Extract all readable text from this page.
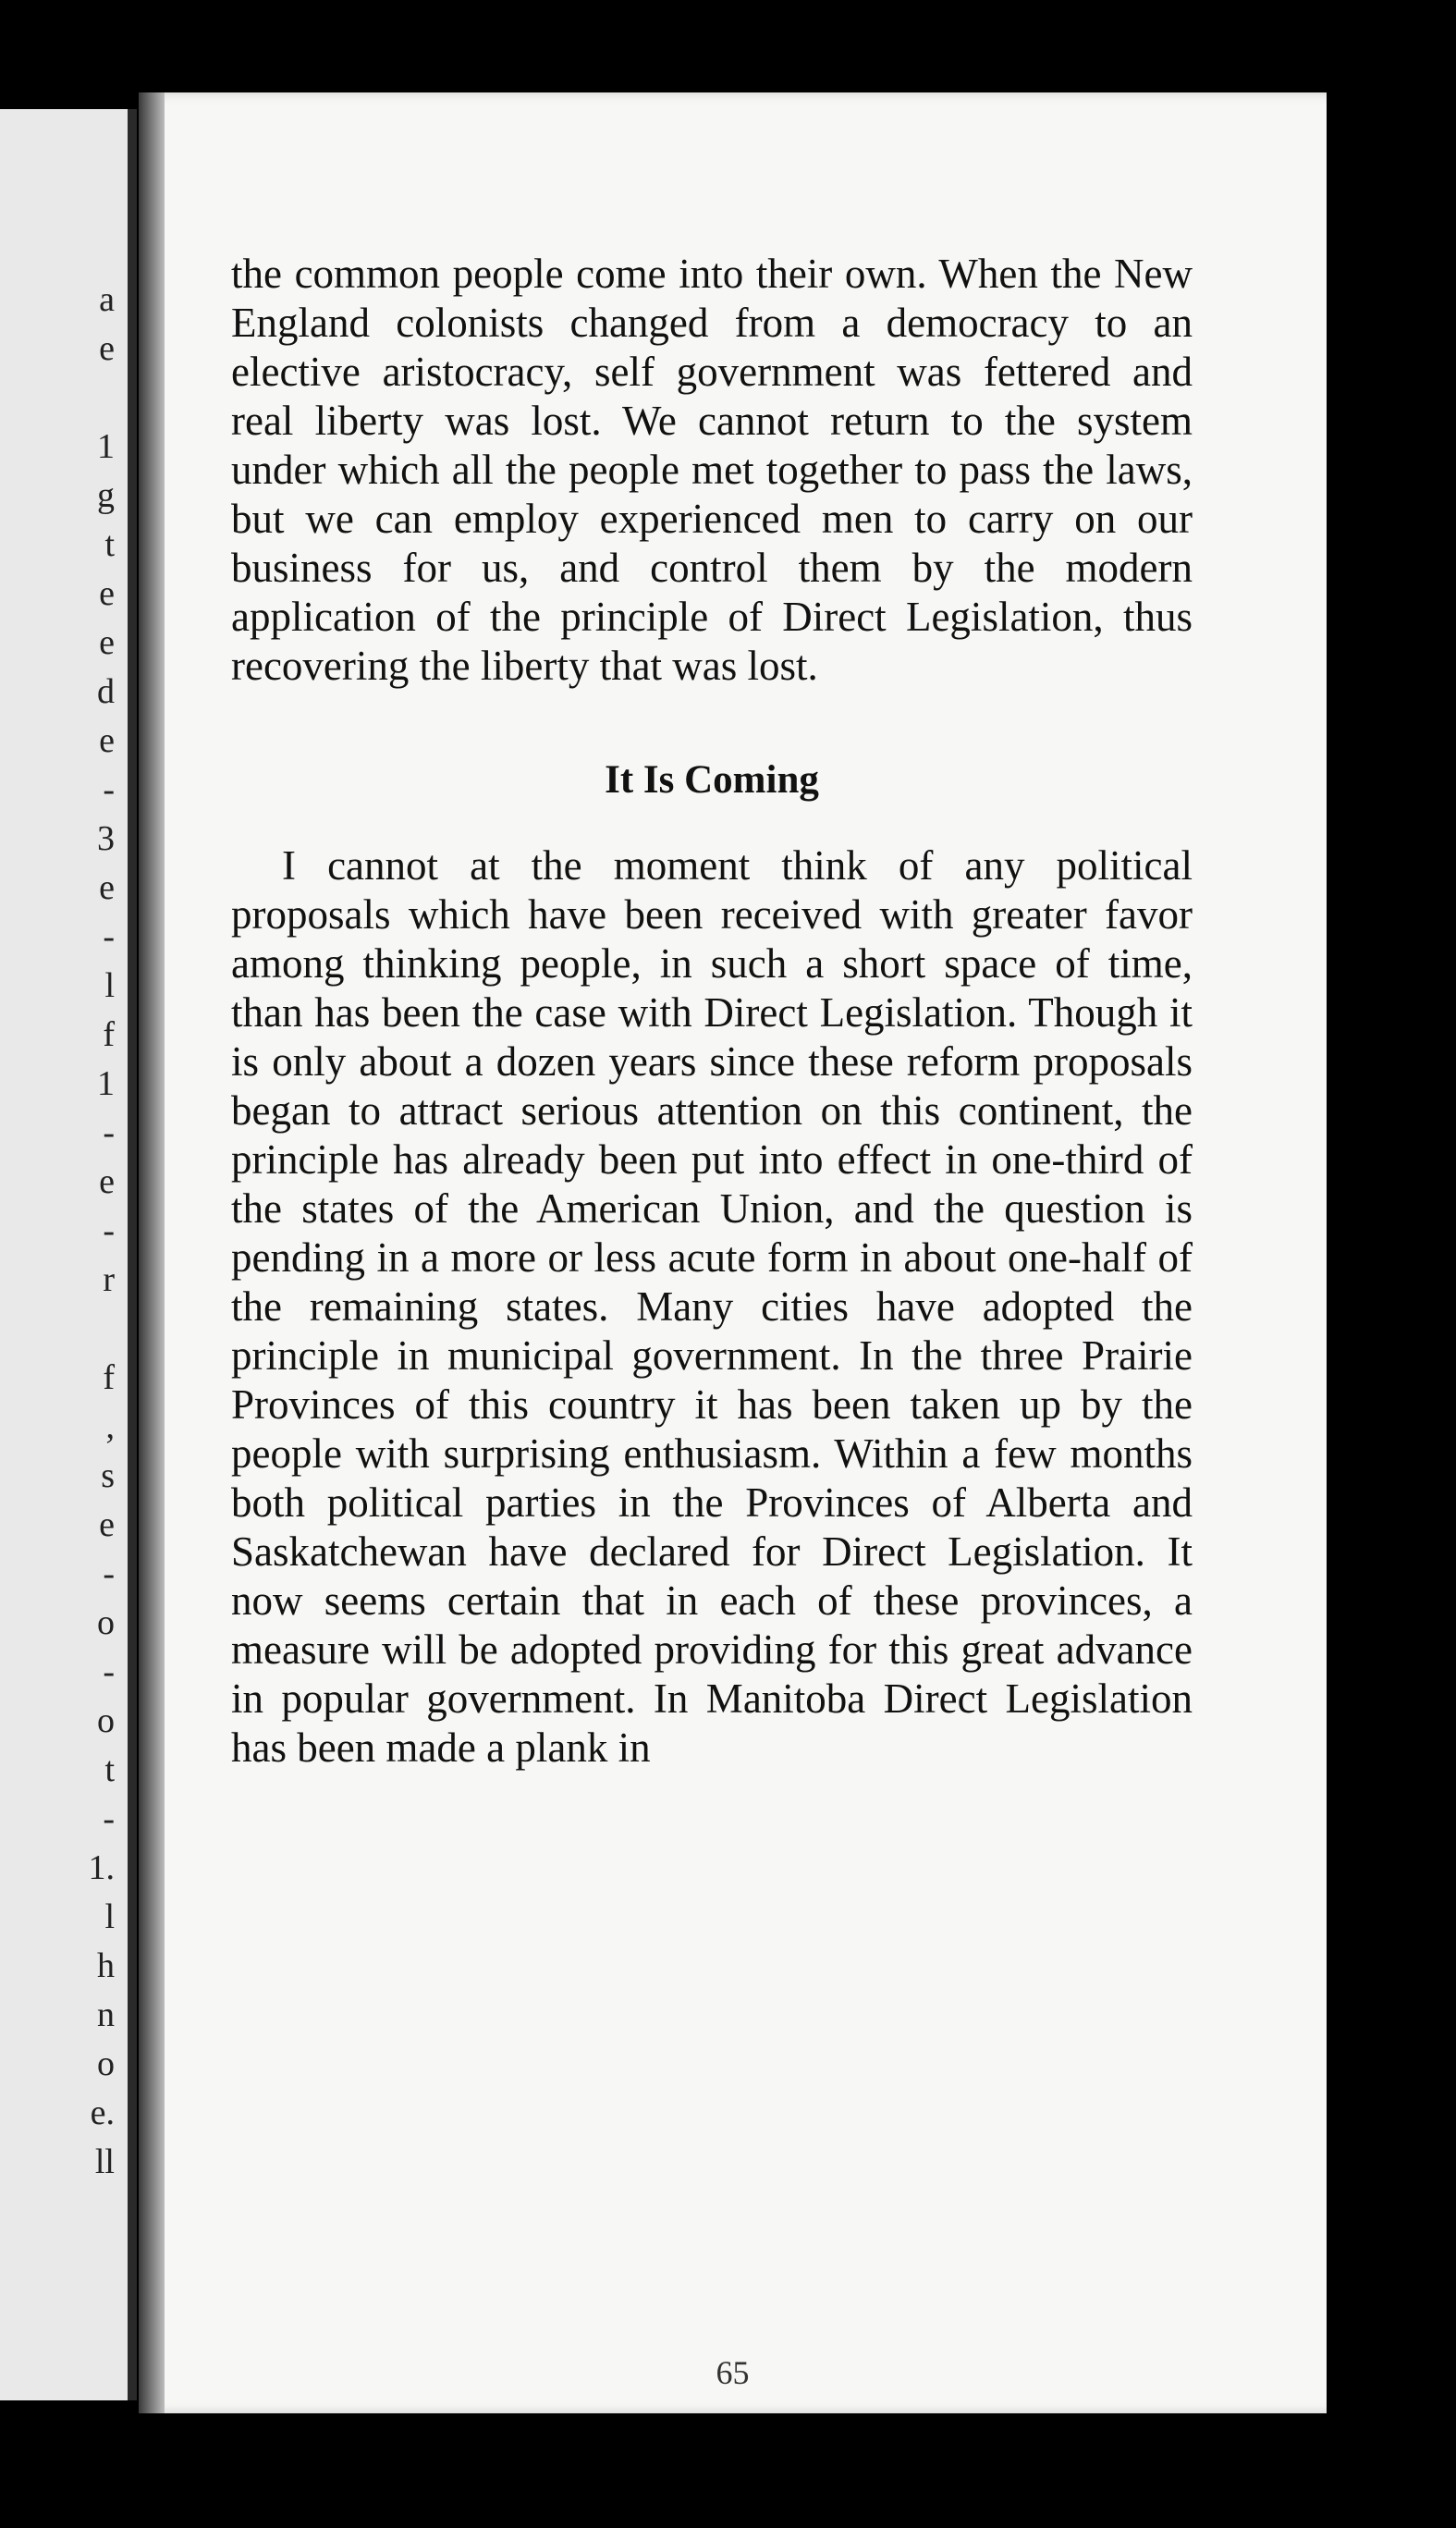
a
e

1
g
t
e
e
d
e
-
3
e
-
l
f
1
-
e
-
r

f
,
s
e
-
o
-
o
t
-
1.
l
h
n
o
e.
ll

the common people come into their own. When the New England colonists changed from a democracy to an elective aristocracy, self government was fettered and real liberty was lost. We cannot return to the system under which all the people met together to pass the laws, but we can employ experienced men to carry on our business for us, and control them by the modern application of the principle of Direct Legislation, thus recovering the liberty that was lost.

It Is Coming

I cannot at the moment think of any political proposals which have been received with greater favor among thinking people, in such a short space of time, than has been the case with Direct Legislation. Though it is only about a dozen years since these reform proposals began to attract serious attention on this continent, the principle has already been put into effect in one-third of the states of the American Union, and the question is pending in a more or less acute form in about one-half of the remaining states. Many cities have adopted the principle in municipal government. In the three Prairie Provinces of this country it has been taken up by the people with surprising enthusiasm. Within a few months both political parties in the Provinces of Alberta and Saskatchewan have declared for Direct Legislation. It now seems certain that in each of these provinces, a measure will be adopted providing for this great advance in popular government. In Manitoba Direct Legislation has been made a plank in

65
